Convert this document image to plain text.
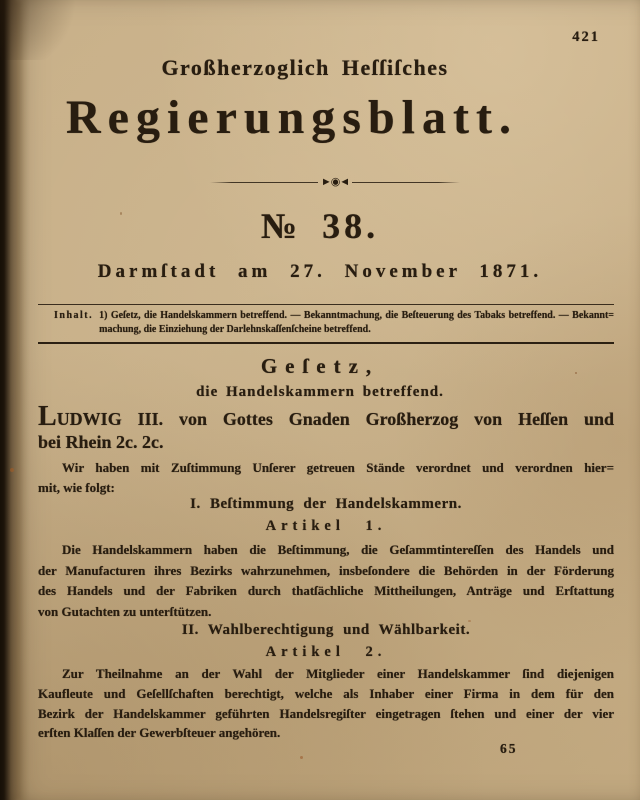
421
Großherzoglich Heſſiſches
Regierungsblatt.
►◉◄
№ 38.
Darmſtadt am 27. November 1871.
Inhalt. 1) Geſetz, die Handelskammern betreffend. — Bekanntmachung, die Beſteuerung des Tabaks betreffend. — Bekannt=
machung, die Einziehung der Darlehnskaſſenſcheine betreffend.
Geſetz,
die Handelskammern betreffend.
LUDWIG III. von Gottes Gnaden Großherzog von Heſſen und
bei Rhein 2c. 2c.
Wir haben mit Zuſtimmung Unſerer getreuen Stände verordnet und verordnen hier=
mit, wie folgt:
I. Beſtimmung der Handelskammern.
Artikel 1.
Die Handelskammern haben die Beſtimmung, die Geſammtintereſſen des Handels und
der Manufacturen ihres Bezirks wahrzunehmen, insbeſondere die Behörden in der Förderung
des Handels und der Fabriken durch thatſächliche Mittheilungen, Anträge und Erſtattung
von Gutachten zu unterſtützen.
II. Wahlberechtigung und Wählbarkeit.
Artikel 2.
Zur Theilnahme an der Wahl der Mitglieder einer Handelskammer ſind diejenigen
Kaufleute und Geſellſchaften berechtigt, welche als Inhaber einer Firma in dem für den
Bezirk der Handelskammer geführten Handelsregiſter eingetragen ſtehen und einer der vier
erſten Klaſſen der Gewerbſteuer angehören.
65
